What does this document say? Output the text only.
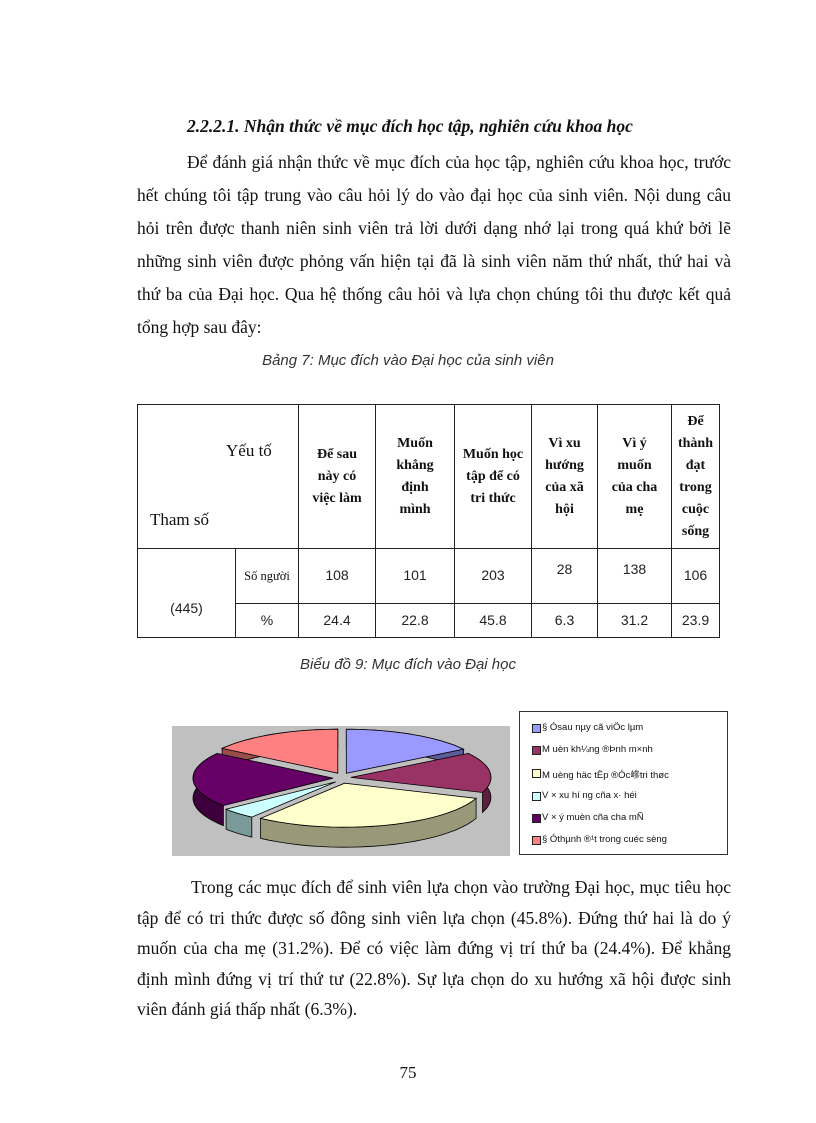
2.2.2.1. Nhận thức về mục đích học tập, nghiên cứu khoa học

Để đánh giá nhận thức về mục đích của học tập, nghiên cứu khoa học, trước hết chúng tôi tập trung vào câu hỏi lý do vào đại học của sinh viên. Nội dung câu hỏi trên được thanh niên sinh viên trả lời dưới dạng nhớ lại trong quá khứ bởi lẽ những sinh viên được phỏng vấn hiện tại đã là sinh viên năm thứ nhất, thứ hai và thứ ba của Đại học. Qua hệ thống câu hỏi và lựa chọn chúng tôi thu được kết quả tổng hợp sau đây:

Bảng 7: Mục đích vào Đại học của sinh viên
Yếu tố
Tham số		Để sau này có việc làm	Muốn khẳng định mình	Muốn học tập để có tri thức	Vì xu hướng của xã hội	Vì ý muốn của cha mẹ	Để thành đạt trong cuộc sống

(445)	Số người	108	101	203	28	138	106
	%	24.4	22.8	45.8	6.3	31.2	23.9
Biểu đồ 9: Mục đích vào Đại học
§ Ósau nµy cã viÖc lµm
M uèn kh¼ng ®Þnh m×nh
M uèng häc tËp ®Óc㠁tri thøc
V × xu hí ng cña x· héi
V × ý muèn cña cha mÑ
§ Óthµnh ®¹t trong cuéc sèng

Trong các mục đích để sinh viên lựa chọn vào trường Đại học, mục tiêu học tập để có tri thức được số đông sinh viên lựa chọn (45.8%). Đứng thứ hai là do ý muốn của cha mẹ (31.2%). Để có việc làm đứng vị trí thứ ba (24.4%). Để khẳng định mình đứng vị trí thứ tư (22.8%). Sự lựa chọn do xu hướng xã hội được sinh viên đánh giá thấp nhất (6.3%).

75
